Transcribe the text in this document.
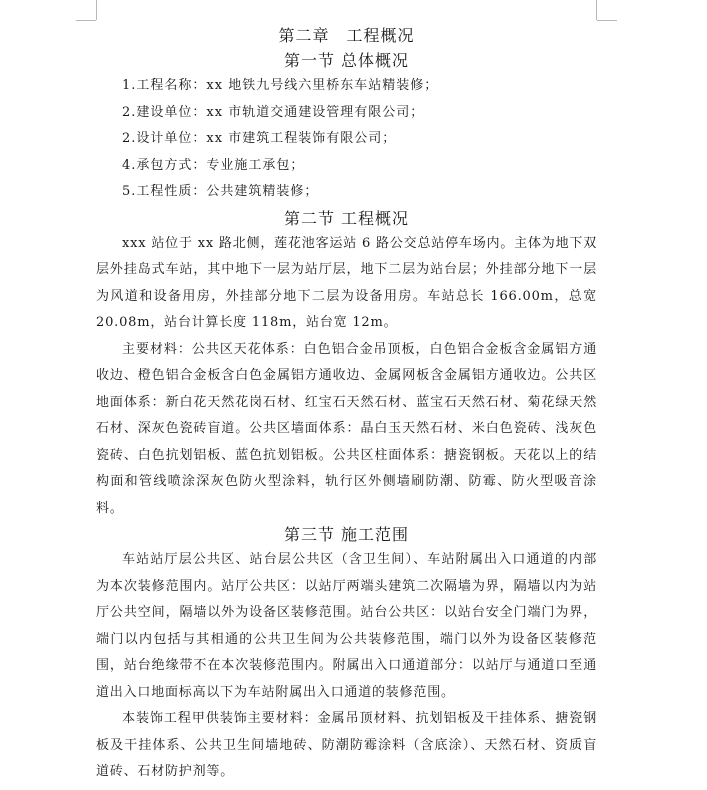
第二章　工程概况
第一节 总体概况
1.工程名称：xx 地铁九号线六里桥东车站精装修；
2.建设单位：xx 市轨道交通建设管理有限公司；
2.设计单位：xx 市建筑工程装饰有限公司；
4.承包方式：专业施工承包；
5.工程性质：公共建筑精装修；
第二节 工程概况

xxx 站位于 xx 路北侧，莲花池客运站 6 路公交总站停车场内。主体为地下双层外挂岛式车站，其中地下一层为站厅层，地下二层为站台层；外挂部分地下一层为风道和设备用房，外挂部分地下二层为设备用房。车站总长 166.00m，总宽 20.08m，站台计算长度 118m，站台宽 12m。

主要材料：公共区天花体系：白色铝合金吊顶板，白色铝合金板含金属铝方通收边、橙色铝合金板含白色金属铝方通收边、金属网板含金属铝方通收边。公共区地面体系：新白花天然花岗石材、红宝石天然石材、蓝宝石天然石材、菊花绿天然石材、深灰色瓷砖盲道。公共区墙面体系：晶白玉天然石材、米白色瓷砖、浅灰色瓷砖、白色抗划铝板、蓝色抗划铝板。公共区柱面体系：搪瓷钢板。天花以上的结构面和管线喷涂深灰色防火型涂料，轨行区外侧墙刷防潮、防霉、防火型吸音涂料。

第三节 施工范围

车站站厅层公共区、站台层公共区（含卫生间）、车站附属出入口通道的内部为本次装修范围内。站厅公共区：以站厅两端头建筑二次隔墙为界，隔墙以内为站厅公共空间，隔墙以外为设备区装修范围。站台公共区：以站台安全门端门为界，端门以内包括与其相通的公共卫生间为公共装修范围，端门以外为设备区装修范围，站台绝缘带不在本次装修范围内。附属出入口通道部分：以站厅与通道口至通道出入口地面标高以下为车站附属出入口通道的装修范围。

本装饰工程甲供装饰主要材料：金属吊顶材料、抗划铝板及干挂体系、搪瓷钢板及干挂体系、公共卫生间墙地砖、防潮防霉涂料（含底涂）、天然石材、资质盲道砖、石材防护剂等。
